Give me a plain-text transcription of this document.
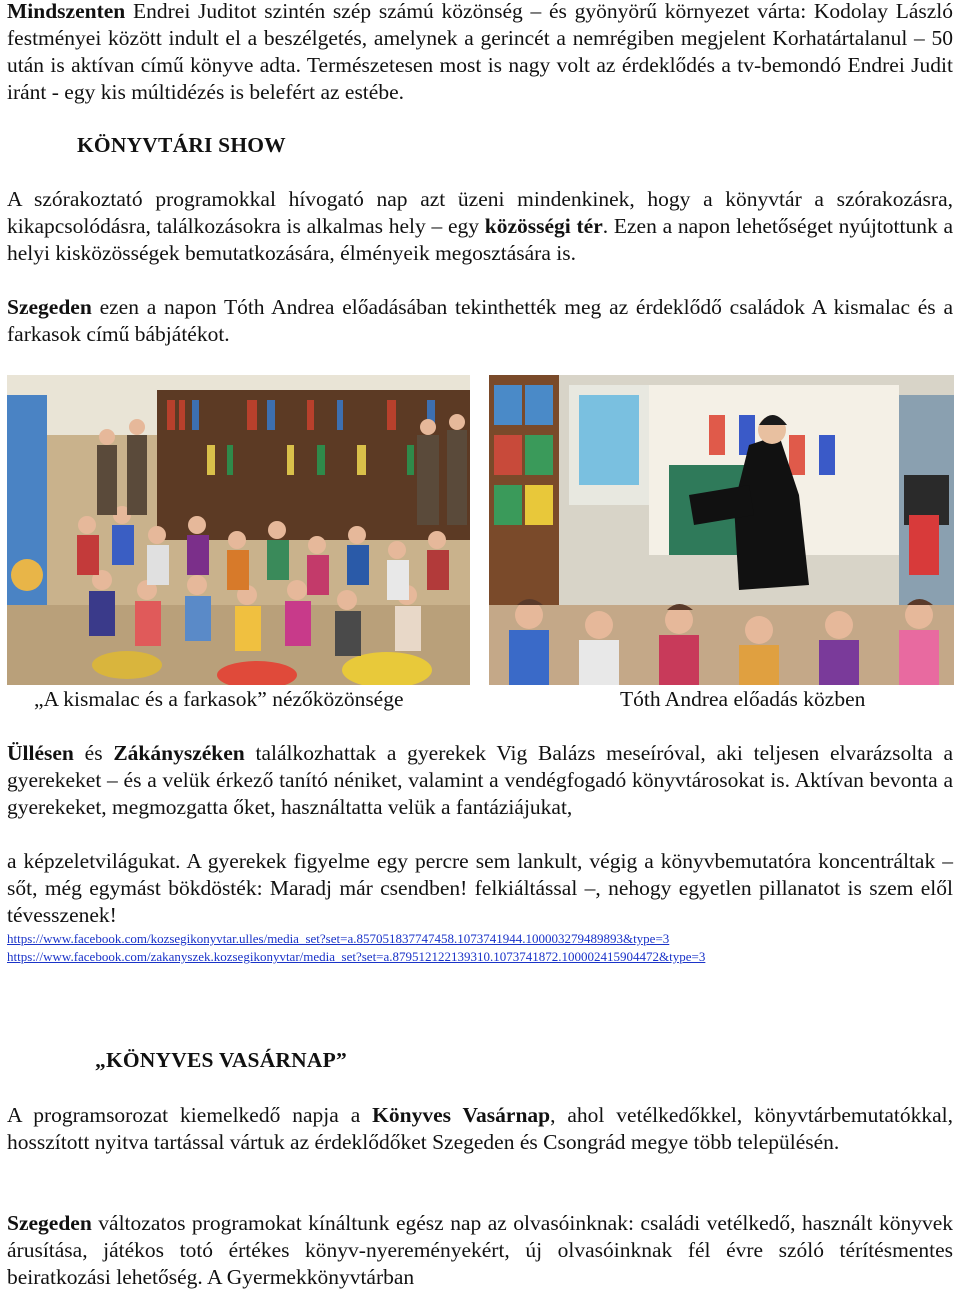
Mindszenten Endrei Juditot szintén szép számú közönség – és gyönyörű környezet várta: Kodolay László festményei között indult el a beszélgetés, amelynek a gerincét a nemrégiben megjelent Korhatártalanul – 50 után is aktívan című könyve adta. Természetesen most is nagy volt az érdeklődés a tv-bemondó Endrei Judit iránt - egy kis múltidézés is belefért az estébe.

KÖNYVTÁRI SHOW

A szórakoztató programokkal hívogató nap azt üzeni mindenkinek, hogy a könyvtár a szórakozásra, kikapcsolódásra, találkozásokra is alkalmas hely – egy közösségi tér. Ezen a napon lehetőséget nyújtottunk a helyi kisközösségek bemutatkozására, élményeik megosztására is.

Szegeden ezen a napon Tóth Andrea előadásában tekinthették meg az érdeklődő családok A kismalac és a farkasok című bábjátékot.

„A kismalac és a farkasok” nézőközönsége	Tóth Andrea előadás közben

Üllésen és Zákányszéken találkozhattak a gyerekek Vig Balázs meseíróval, aki teljesen elvarázsolta a gyerekeket – és a velük érkező tanító néniket, valamint a vendégfogadó könyvtárosokat is. Aktívan bevonta a gyerekeket, megmozgatta őket, használtatta velük a fantáziájukat,

a képzeletvilágukat. A gyerekek figyelme egy percre sem lankult, végig a könyvbemutatóra koncentráltak – sőt, még egymást bökdösték: Maradj már csendben! felkiáltással –, nehogy egyetlen pillanatot is szem elől tévesszenek!

https://www.facebook.com/kozsegikonyvtar.ulles/media_set?set=a.857051837747458.1073741944.100003279489893&type=3
https://www.facebook.com/zakanyszek.kozsegikonyvtar/media_set?set=a.879512122139310.1073741872.100002415904472&type=3
„KÖNYVES VASÁRNAP”

A programsorozat kiemelkedő napja a Könyves Vasárnap, ahol vetélkedőkkel, könyvtárbemutatókkal, hosszított nyitva tartással vártuk az érdeklődőket Szegeden és Csongrád megye több településén.

Szegeden változatos programokat kínáltunk egész nap az olvasóinknak: családi vetélkedő, használt könyvek árusítása, játékos totó értékes könyv-nyereményekért, új olvasóinknak fél évre szóló térítésmentes beiratkozási lehetőség. A Gyermekkönyvtárban
